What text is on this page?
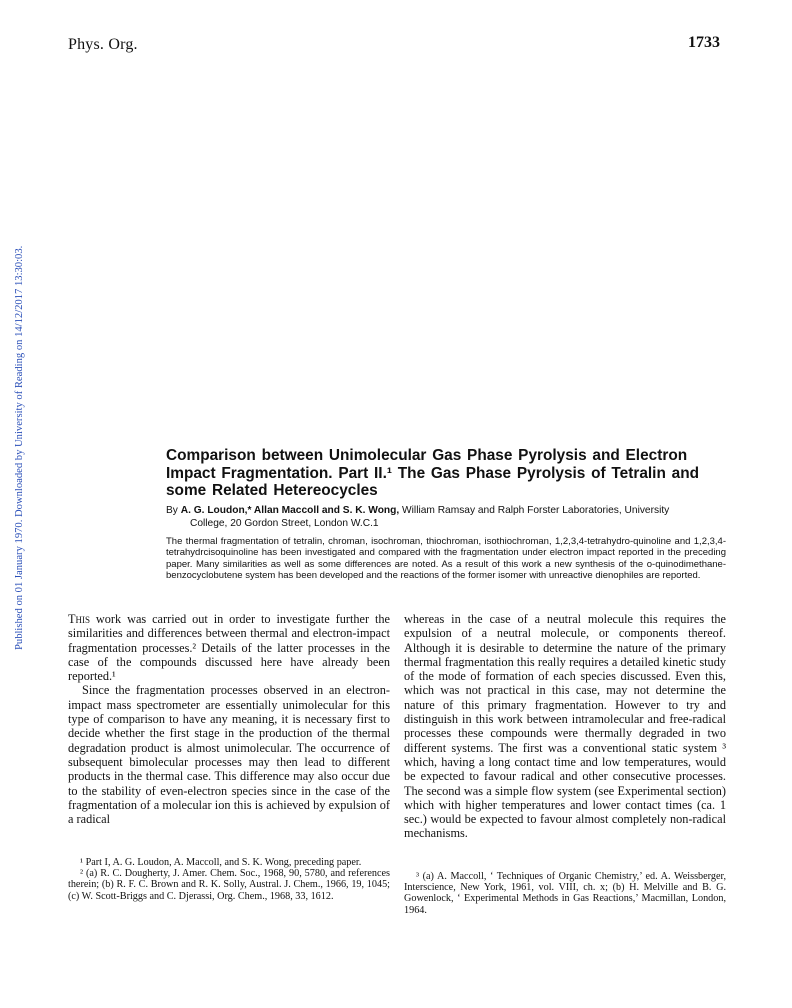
Phys. Org.	1733
Published on 01 January 1970. Downloaded by University of Reading on 14/12/2017 13:30:03.	Comparison between Unimolecular Gas Phase Pyrolysis and Electron Impact Fragmentation. Part II.¹ The Gas Phase Pyrolysis of Tetralin and some Related Hetereocycles
By A. G. Loudon,* Allan Maccoll and S. K. Wong, William Ramsay and Ralph Forster Laboratories, University
College, 20 Gordon Street, London W.C.1
The thermal fragmentation of tetralin, chroman, isochroman, thiochroman, isothiochroman, 1,2,3,4-tetrahydro-quinoline and 1,2,3,4-tetrahydrcisoquinoline has been investigated and compared with the fragmentation under electron impact reported in the preceding paper. Many similarities as well as some differences are noted. As a result of this work a new synthesis of the o-quinodimethane-benzocyclobutene system has been developed and the reactions of the former isomer with unreactive dienophiles are reported.

This work was carried out in order to investigate further the similarities and differences between thermal and electron-impact fragmentation processes.² Details of the latter processes in the case of the compounds discussed here have already been reported.¹

Since the fragmentation processes observed in an electron-impact mass spectrometer are essentially unimolecular for this type of comparison to have any meaning, it is necessary first to decide whether the first stage in the production of the thermal degradation product is almost unimolecular. The occurrence of subsequent bimolecular processes may then lead to different products in the thermal case. This difference may also occur due to the stability of even-electron species since in the case of the fragmentation of a molecular ion this is achieved by expulsion of a radical

whereas in the case of a neutral molecule this requires the expulsion of a neutral molecule, or components thereof. Although it is desirable to determine the nature of the primary thermal fragmentation this really requires a detailed kinetic study of the mode of formation of each species discussed. Even this, which was not practical in this case, may not determine the nature of this primary fragmentation. However to try and distinguish in this work between intramolecular and free-radical processes these compounds were thermally degraded in two different systems. The first was a conventional static system ³ which, having a long contact time and low temperatures, would be expected to favour radical and other consecutive processes. The second was a simple flow system (see Experimental section) which with higher temperatures and lower contact times (ca. 1 sec.) would be expected to favour almost completely non-radical mechanisms.

¹ Part I, A. G. Loudon, A. Maccoll, and S. K. Wong, preceding paper.

² (a) R. C. Dougherty, J. Amer. Chem. Soc., 1968, 90, 5780, and references therein; (b) R. F. C. Brown and R. K. Solly, Austral. J. Chem., 1966, 19, 1045; (c) W. Scott-Briggs and C. Djerassi, Org. Chem., 1968, 33, 1612.

³ (a) A. Maccoll, ‘ Techniques of Organic Chemistry,’ ed. A. Weissberger, Interscience, New York, 1961, vol. VIII, ch. x; (b) H. Melville and B. G. Gowenlock, ‘ Experimental Methods in Gas Reactions,’ Macmillan, London, 1964.
